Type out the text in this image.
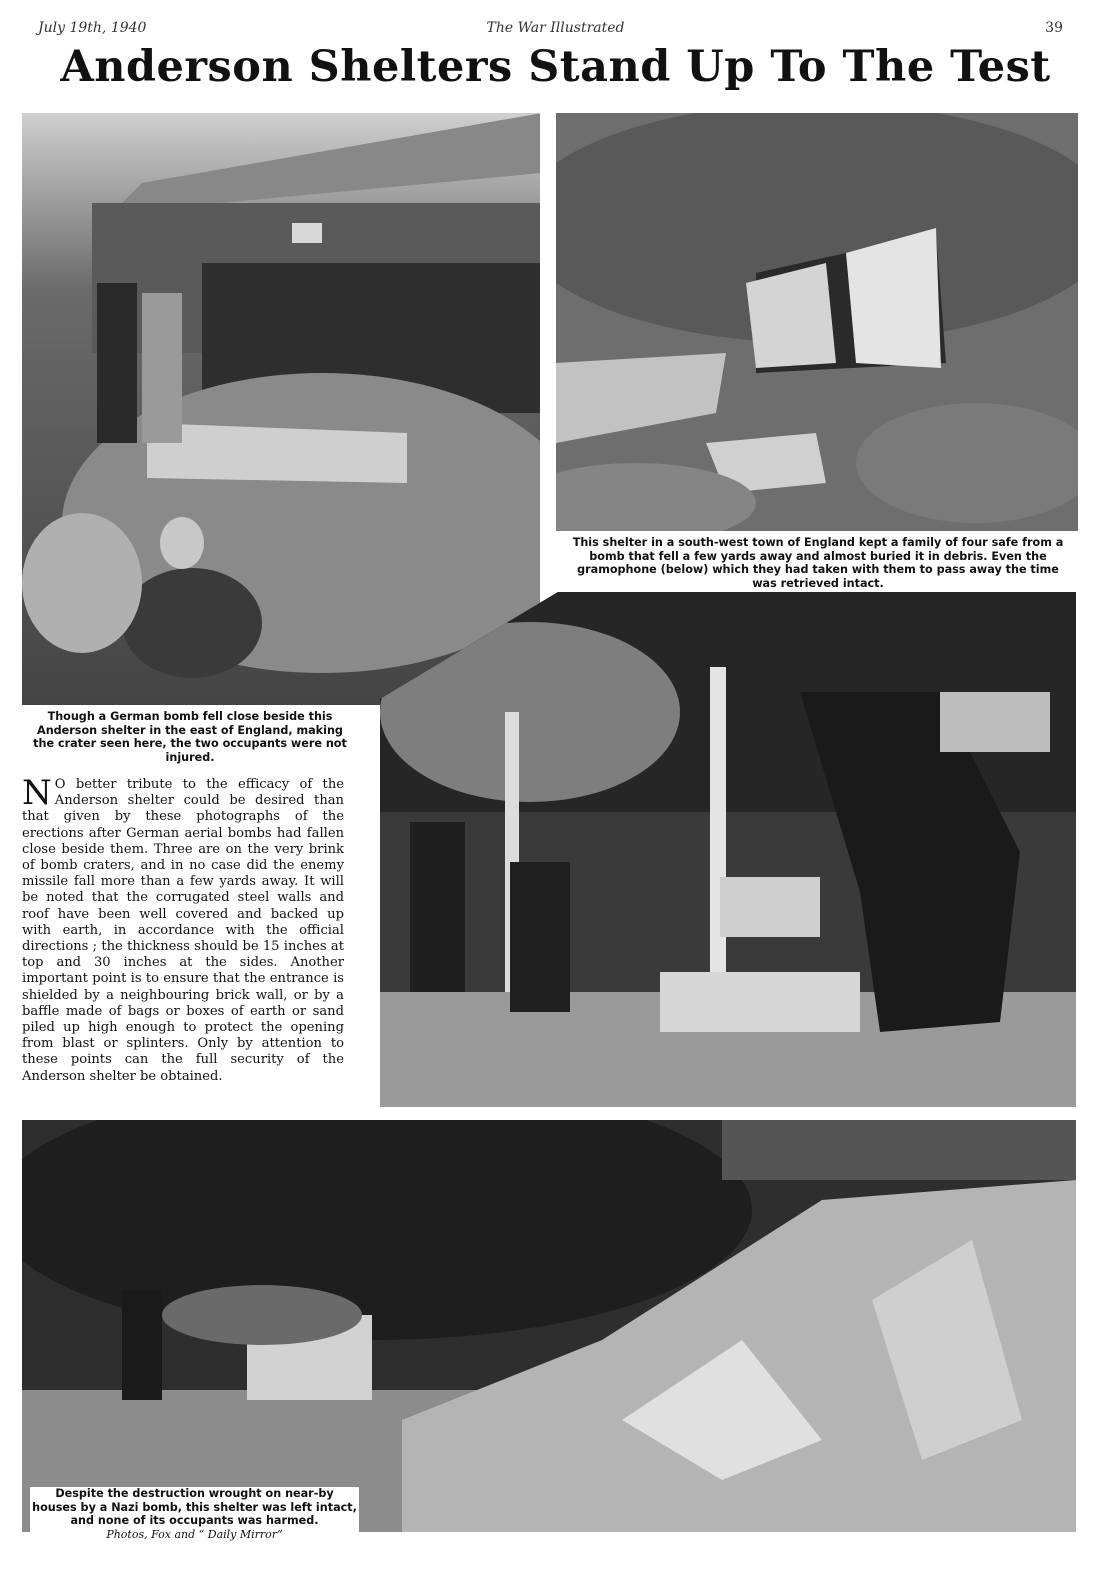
July 19th, 1940	The War Illustrated	39
Anderson Shelters Stand Up To The Test
Though a German bomb fell close beside this Anderson shelter in the east of England, making the crater seen here, the two occupants were not injured.
This shelter in a south-west town of England kept a family of four safe from a bomb that fell a few yards away and almost buried it in debris. Even the gramophone (below) which they had taken with them to pass away the time was retrieved intact.
Despite the destruction wrought on near-by houses by a Nazi bomb, this shelter was left intact, and none of its occupants was harmed.
Photos, Fox and “ Daily Mirror”
N O better tribute to the efficacy of the Anderson shelter could be desired than that given by these photographs of the erections after German aerial bombs had fallen close beside them. Three are on the very brink of bomb craters, and in no case did the enemy missile fall more than a few yards away. It will be noted that the corrugated steel walls and roof have been well covered and backed up with earth, in accordance with the official directions ; the thickness should be 15 inches at top and 30 inches at the sides. Another important point is to ensure that the entrance is shielded by a neighbouring brick wall, or by a baffle made of bags or boxes of earth or sand piled up high enough to protect the opening from blast or splinters. Only by attention to these points can the full security of the Anderson shelter be obtained.
